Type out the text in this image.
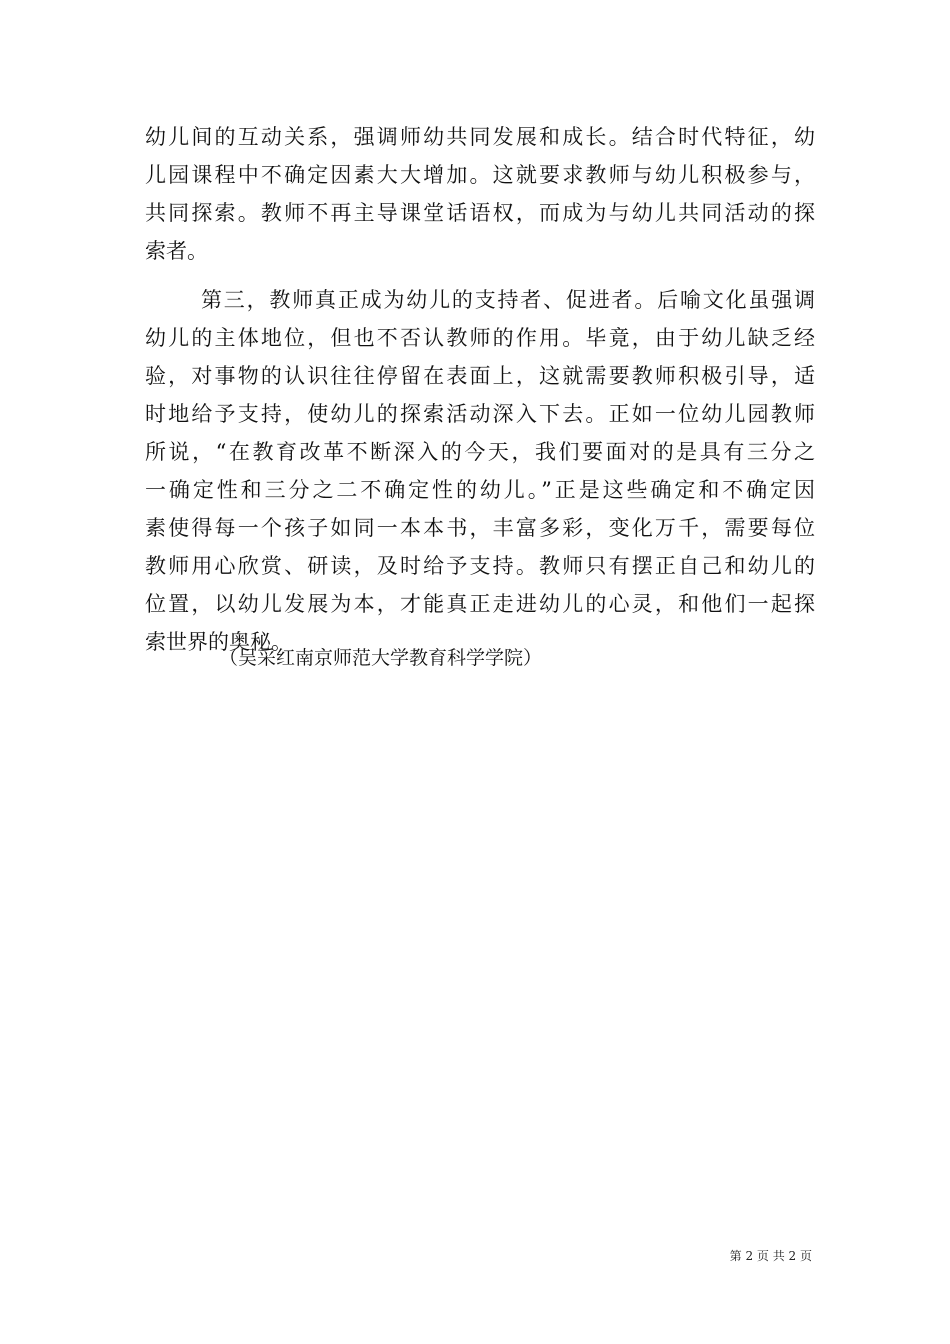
幼儿间的互动关系，强调师幼共同发展和成长。结合时代特征，幼
儿园课程中不确定因素大大增加。这就要求教师与幼儿积极参与，
共同探索。教师不再主导课堂话语权，而成为与幼儿共同活动的探
索者。
第三，教师真正成为幼儿的支持者、促进者。后喻文化虽强调
幼儿的主体地位，但也不否认教师的作用。毕竟，由于幼儿缺乏经
验，对事物的认识往往停留在表面上，这就需要教师积极引导，适
时地给予支持，使幼儿的探索活动深入下去。正如一位幼儿园教师
所说，“在教育改革不断深入的今天，我们要面对的是具有三分之
一确定性和三分之二不确定性的幼儿。”正是这些确定和不确定因
素使得每一个孩子如同一本本书，丰富多彩，变化万千，需要每位
教师用心欣赏、研读，及时给予支持。教师只有摆正自己和幼儿的
位置，以幼儿发展为本，才能真正走进幼儿的心灵，和他们一起探
索世界的奥秘。
（吴采红南京师范大学教育科学学院）
第 2 页 共 2 页
